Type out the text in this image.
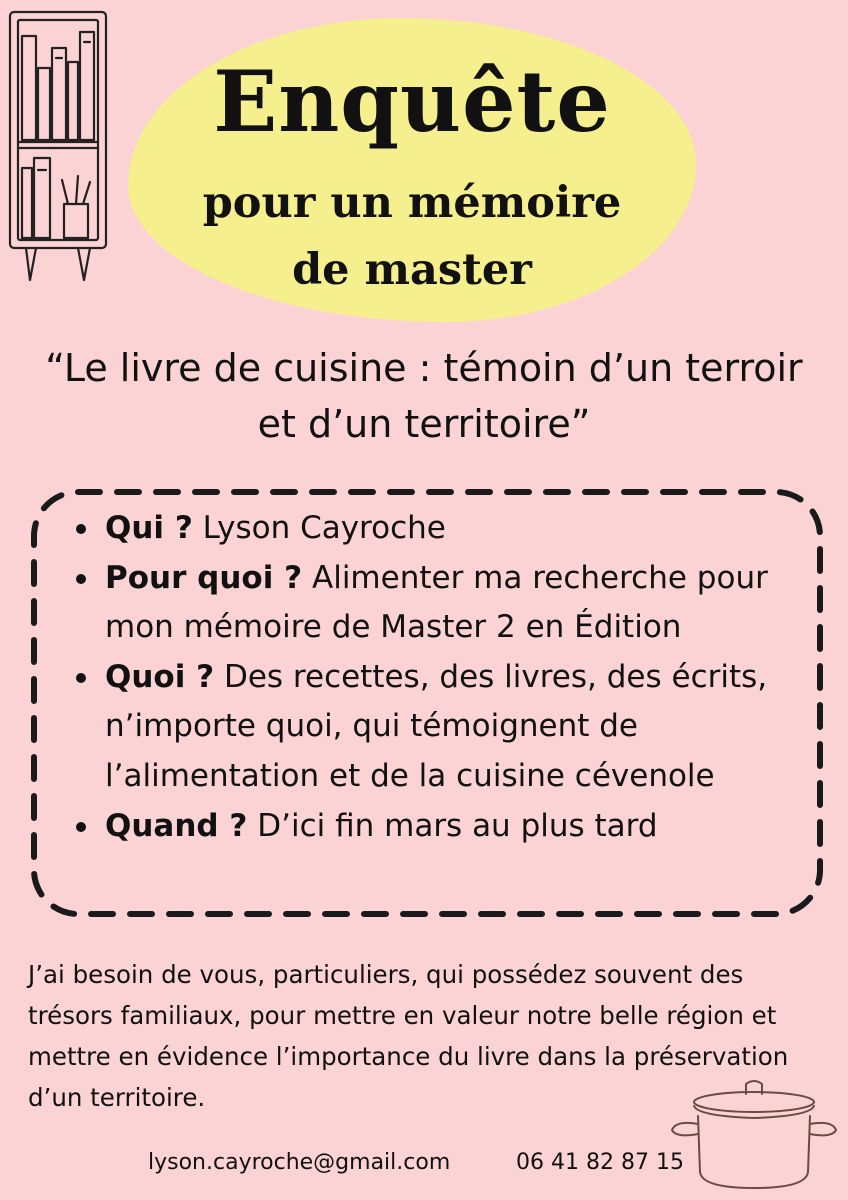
Enquête
pour un mémoire
de master

“Le livre de cuisine : témoin d’un terroir et d’un territoire”

Qui ? Lyson Cayroche
Pour quoi ? Alimenter ma recherche pour mon mémoire de Master 2 en Édition
Quoi ? Des recettes, des livres, des écrits, n’importe quoi, qui témoignent de l’alimentation et de la cuisine cévenole
Quand ? D’ici fin mars au plus tard

J’ai besoin de vous, particuliers, qui possédez souvent des trésors familiaux, pour mettre en valeur notre belle région et mettre en évidence l’importance du livre dans la préservation d’un territoire.

lyson.cayroche@gmail.com	06 41 82 87 15
